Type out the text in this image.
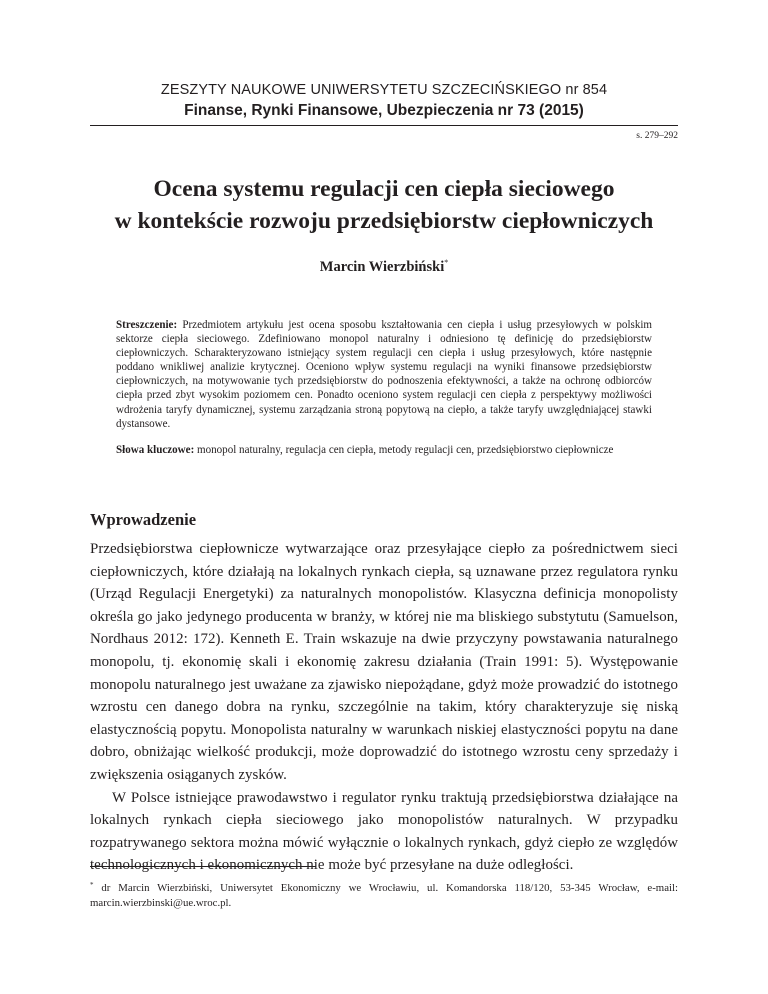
ZESZYTY NAUKOWE UNIWERSYTETU SZCZECIŃSKIEGO nr 854
Finanse, Rynki Finansowe, Ubezpieczenia nr 73 (2015)
s. 279–292
Ocena systemu regulacji cen ciepła sieciowego
w kontekście rozwoju przedsiębiorstw ciepłowniczych
Marcin Wierzbiński*
Streszczenie: Przedmiotem artykułu jest ocena sposobu kształtowania cen ciepła i usług przesyłowych w polskim sektorze ciepła sieciowego. Zdefiniowano monopol naturalny i odniesiono tę definicję do przedsiębiorstw ciepłowniczych. Scharakteryzowano istniejący system regulacji cen ciepła i usług przesyłowych, które następnie poddano wnikliwej analizie krytycznej. Oceniono wpływ systemu regulacji na wyniki finansowe przedsiębiorstw ciepłowniczych, na motywowanie tych przedsiębiorstw do podnoszenia efektywności, a także na ochronę odbiorców ciepła przed zbyt wysokim poziomem cen. Ponadto oceniono system regulacji cen ciepła z perspektywy możliwości wdrożenia taryfy dynamicznej, systemu zarządzania stroną popytową na ciepło, a także taryfy uwzględniającej stawki dystansowe.
Słowa kluczowe: monopol naturalny, regulacja cen ciepła, metody regulacji cen, przedsiębiorstwo ciepłownicze
Wprowadzenie

Przedsiębiorstwa ciepłownicze wytwarzające oraz przesyłające ciepło za pośrednictwem sieci ciepłowniczych, które działają na lokalnych rynkach ciepła, są uznawane przez regulatora rynku (Urząd Regulacji Energetyki) za naturalnych monopolistów. Klasyczna definicja monopolisty określa go jako jedynego producenta w branży, w której nie ma bliskiego substytutu (Samuelson, Nordhaus 2012: 172). Kenneth E. Train wskazuje na dwie przyczyny powstawania naturalnego monopolu, tj. ekonomię skali i ekonomię zakresu działania (Train 1991: 5). Występowanie monopolu naturalnego jest uważane za zjawisko niepożądane, gdyż może prowadzić do istotnego wzrostu cen danego dobra na rynku, szczególnie na takim, który charakteryzuje się niską elastycznością popytu. Monopolista naturalny w warunkach niskiej elastyczności popytu na dane dobro, obniżając wielkość produkcji, może doprowadzić do istotnego wzrostu ceny sprzedaży i zwiększenia osiąganych zysków.

W Polsce istniejące prawodawstwo i regulator rynku traktują przedsiębiorstwa działające na lokalnych rynkach ciepła sieciowego jako monopolistów naturalnych. W przypadku rozpatrywanego sektora można mówić wyłącznie o lokalnych rynkach, gdyż ciepło ze względów technologicznych i ekonomicznych nie może być przesyłane na duże odległości.

* dr Marcin Wierzbiński, Uniwersytet Ekonomiczny we Wrocławiu, ul. Komandorska 118/120, 53-345 Wrocław, e-mail: marcin.wierzbinski@ue.wroc.pl.
